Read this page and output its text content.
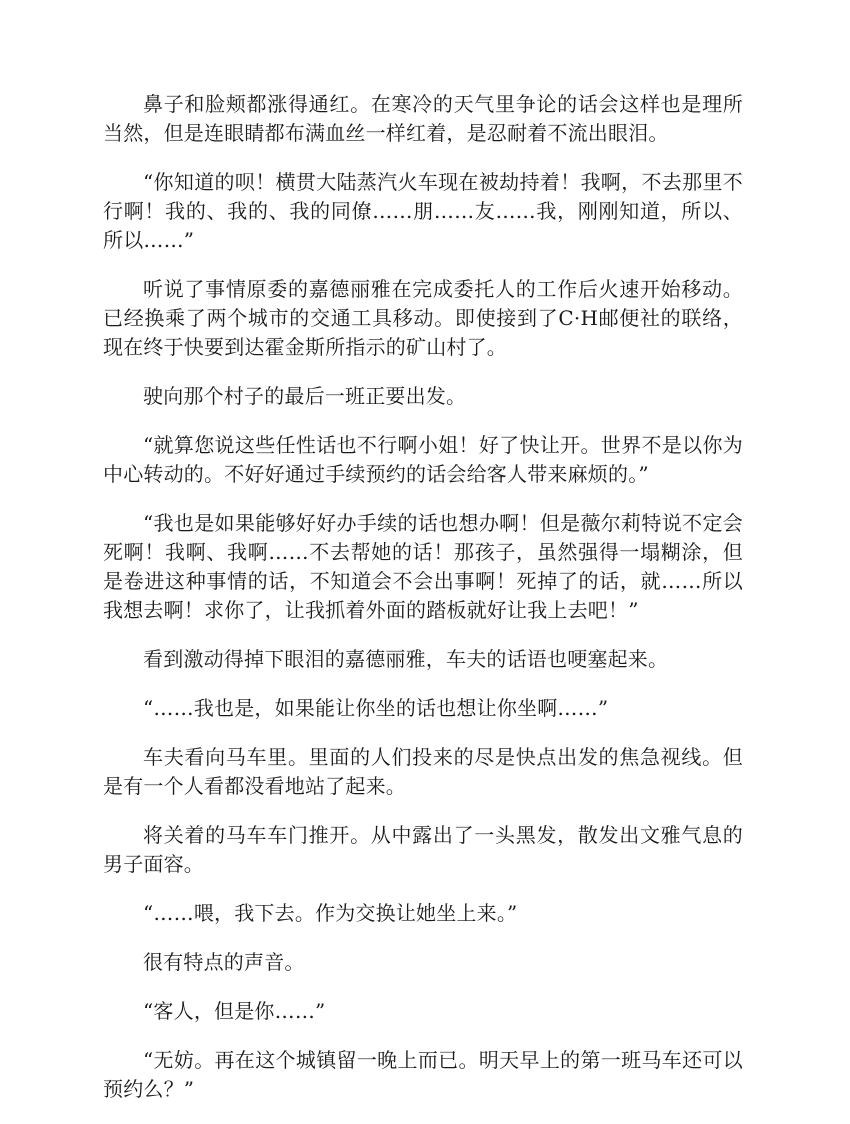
鼻子和脸颊都涨得通红。在寒冷的天气里争论的话会这样也是理所当然，但是连眼睛都布满血丝一样红着，是忍耐着不流出眼泪。

“你知道的呗！横贯大陆蒸汽火车现在被劫持着！我啊，不去那里不行啊！我的、我的、我的同僚……朋……友……我，刚刚知道，所以、所以……”

听说了事情原委的嘉德丽雅在完成委托人的工作后火速开始移动。已经换乘了两个城市的交通工具移动。即使接到了C·H邮便社的联络，现在终于快要到达霍金斯所指示的矿山村了。

驶向那个村子的最后一班正要出发。

“就算您说这些任性话也不行啊小姐！好了快让开。世界不是以你为中心转动的。不好好通过手续预约的话会给客人带来麻烦的。”

“我也是如果能够好好办手续的话也想办啊！但是薇尔莉特说不定会死啊！我啊、我啊……不去帮她的话！那孩子，虽然强得一塌糊涂，但是卷进这种事情的话，不知道会不会出事啊！死掉了的话，就……所以我想去啊！求你了，让我抓着外面的踏板就好让我上去吧！”

看到激动得掉下眼泪的嘉德丽雅，车夫的话语也哽塞起来。

“……我也是，如果能让你坐的话也想让你坐啊……”

车夫看向马车里。里面的人们投来的尽是快点出发的焦急视线。但是有一个人看都没看地站了起来。

将关着的马车车门推开。从中露出了一头黑发，散发出文雅气息的男子面容。

“……喂，我下去。作为交换让她坐上来。”

很有特点的声音。

“客人，但是你……”

“无妨。再在这个城镇留一晚上而已。明天早上的第一班马车还可以预约么？”
